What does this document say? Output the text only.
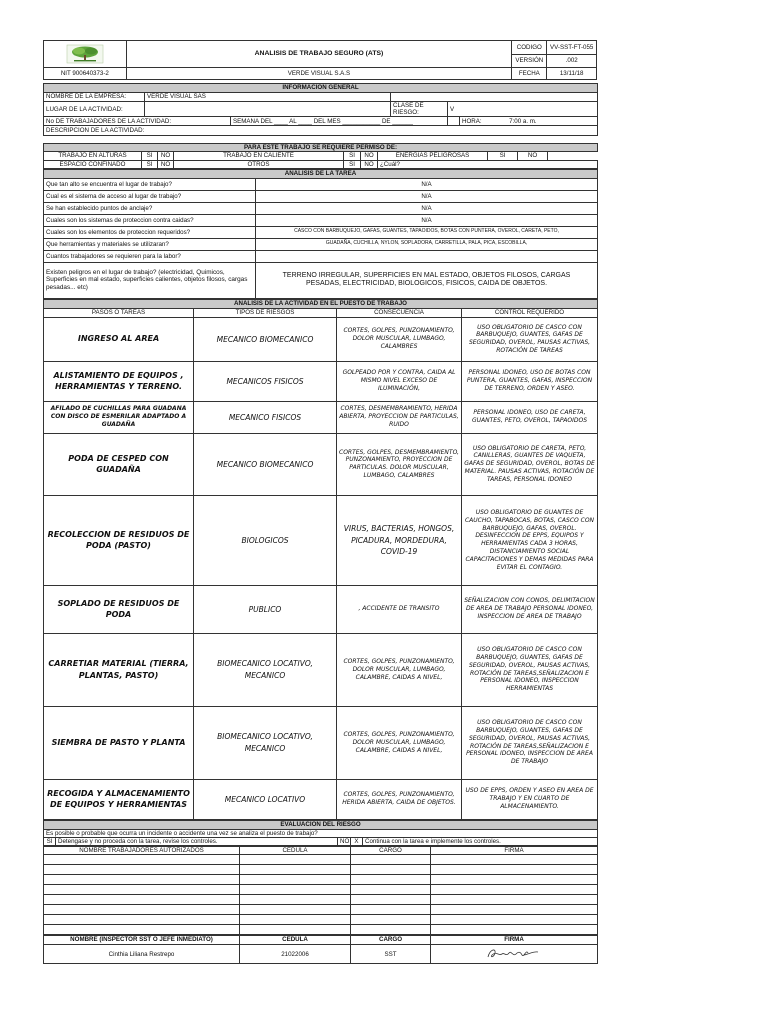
	ANALISIS DE TRABAJO SEGURO (ATS)	CODIGO	VV-SST-FT-055
		VERSIÓN	.002
NIT 900640373-2	VERDE VISUAL S.A.S	FECHA	13/11/18
INFORMACION GENERAL					
NOMBRE DE LA EMPRESA:	VERDE VISUAL SAS				
LUGAR DE LA ACTIVIDAD:			CLASE DE RIESGO:	V	
No DE TRABAJADORES DE LA ACTIVIDAD:		SEMANA DEL ____ AL ____ DEL MES ___________ DE ______			HORA: 7:00 a. m.
DESCRIPCION DE LA ACTIVIDAD:					
PARA ESTE TRABAJO SE REQUIERE PERMISO DE:									
TRABAJO EN ALTURAS	SI	NO	TRABAJO EN CALIENTE	SI	NO	ENERGIAS PELIGROSAS	SI	NO	
ESPACIO CONFINADO	SI	NO	OTROS	SI	NO	¿Cuál?			
ANALISIS DE LA TAREA	
Que tan alto se encuentra el lugar de trabajo?	N/A
Cual es el sistema de acceso al lugar de trabajo?	N/A
Se han establecido puntos de anclaje?	N/A
Cuales son los sistemas de proteccion contra caidas?	N/A
Cuales son los elementos de proteccion requeridos?	CASCO CON BARBUQUEJO, GAFAS, GUANTES, TAPAOIDOS, BOTAS CON PUNTERA, OVEROL, CARETA, PETO,
Que herramientas y materiales se utilizaran?	GUADAÑA, CUCHILLA, NYLON, SOPLADORA, CARRETILLA, PALA, PICA, ESCOBILLA,
Cuantos trabajadores se requieren para la labor?	
Existen peligros en el lugar de trabajo? (electricidad, Quimicos, Superficies en mal estado, superficies calientes, objetos filosos, cargas pesadas... etc)	TERRENO IRREGULAR, SUPERFICIES EN MAL ESTADO, OBJETOS FILOSOS, CARGAS PESADAS, ELECTRICIDAD, BIOLOGICOS, FISICOS, CAIDA DE OBJETOS.
ANALISIS DE LA ACTIVIDAD EN EL PUESTO DE TRABAJO			
PASOS O TAREAS	TIPOS DE RIESGOS	CONSECUENCIA	CONTROL REQUERIDO
INGRESO AL AREA	MECANICO BIOMECANICO	CORTES, GOLPES, PUNZONAMIENTO, DOLOR MUSCULAR, LUMBAGO, CALAMBRES	USO OBLIGATORIO DE CASCO CON BARBUQUEJO, GUANTES, GAFAS DE SEGURIDAD, OVEROL, PAUSAS ACTIVAS, ROTACIÓN DE TAREAS
ALISTAMIENTO DE EQUIPOS , HERRAMIENTAS Y TERRENO.	MECANICOS FISICOS	GOLPEADO POR Y CONTRA, CAIDA AL MISMO NIVEL EXCESO DE ILUMINACIÓN,	PERSONAL IDONEO, USO DE BOTAS CON PUNTERA, GUANTES, GAFAS, INSPECCION DE TERRENO, ORDEN Y ASEO.
AFILADO DE CUCHILLAS PARA GUADANA CON DISCO DE ESMERILAR ADAPTADO A GUADAÑA	MECANICO FISICOS	CORTES, DESMEMBRAMIENTO, HERIDA ABIERTA, PROYECCION DE PARTICULAS, RUIDO	PERSONAL IDONEO, USO DE CARETA, GUANTES, PETO, OVEROL, TAPAOIDOS
PODA DE CESPED CON GUADAÑA	MECANICO BIOMECANICO	CORTES, GOLPES, DESMEMBRAMIENTO, PUNZONAMIENTO, PROYECCION DE PARTICULAS. DOLOR MUSCULAR, LUMBAGO, CALAMBRES	USO OBLIGATORIO DE CARETA, PETO, CANILLERAS, GUANTES DE VAQUETA, GAFAS DE SEGURIDAD, OVEROL, BOTAS DE MATERIAL. PAUSAS ACTIVAS, ROTACIÓN DE TAREAS, PERSONAL IDONEO
RECOLECCION DE RESIDUOS DE PODA (PASTO)	BIOLOGICOS	VIRUS, BACTERIAS, HONGOS, PICADURA, MORDEDURA, COVID-19	USO OBLIGATORIO DE GUANTES DE CAUCHO, TAPABOCAS, BOTAS, CASCO CON BARBUQUEJO, GAFAS, OVEROL. DESINFECCION DE EPPS, EQUIPOS Y HERRAMIENTAS CADA 3 HORAS, DISTANCIAMIENTO SOCIAL CAPACITACIONES Y DEMAS MEDIDAS PARA EVITAR EL CONTAGIO.
SOPLADO DE RESIDUOS DE PODA	PUBLICO	, ACCIDENTE DE TRANSITO	SEÑALIZACION CON CONOS, DELIMITACION DE AREA DE TRABAJO PERSONAL IDONEO, INSPECCION DE AREA DE TRABAJO
CARRETIAR MATERIAL (TIERRA, PLANTAS, PASTO)	BIOMECANICO LOCATIVO, MECANICO	CORTES, GOLPES, PUNZONAMIENTO, DOLOR MUSCULAR, LUMBAGO, CALAMBRE, CAIDAS A NIVEL,	USO OBLIGATORIO DE CASCO CON BARBUQUEJO, GUANTES, GAFAS DE SEGURIDAD, OVEROL, PAUSAS ACTIVAS, ROTACIÓN DE TAREAS,SEÑALIZACION E PERSONAL IDONEO, INSPECCION HERRAMIENTAS
SIEMBRA DE PASTO Y PLANTA	BIOMECANICO LOCATIVO, MECANICO	CORTES, GOLPES, PUNZONAMIENTO, DOLOR MUSCULAR, LUMBAGO, CALAMBRE, CAIDAS A NIVEL,	USO OBLIGATORIO DE CASCO CON BARBUQUEJO, GUANTES, GAFAS DE SEGURIDAD, OVEROL, PAUSAS ACTIVAS, ROTACIÓN DE TAREAS,SEÑALIZACION E PERSONAL IDONEO, INSPECCION DE AREA DE TRABAJO
RECOGIDA Y ALMACENAMIENTO DE EQUIPOS Y HERRAMIENTAS	MECANICO LOCATIVO	CORTES, GOLPES, PUNZONAMIENTO, HERIDA ABIERTA, CAIDA DE OBJETOS.	USO DE EPPS, ORDEN Y ASEO EN AREA DE TRABAJO Y EN CUARTO DE ALMACENAMIENTO.
EVALUACION DEL RIESGO
Es posible o probable que ocurra un incidente o accidente una vez se analiza el puesto de trabajo?
SI	Detengase y no proceda con la tarea, revise los controles.	NO	X	Continua con la tarea e implemente los controles.
NOMBRE TRABAJADORES AUTORIZADOS	CEDULA	CARGO	FIRMA

NOMBRE (INSPECTOR SST O JEFE INMEDIATO)	CEDULA	CARGO	FIRMA
Cinthia Liliana Restrepo	21022006	SST	
